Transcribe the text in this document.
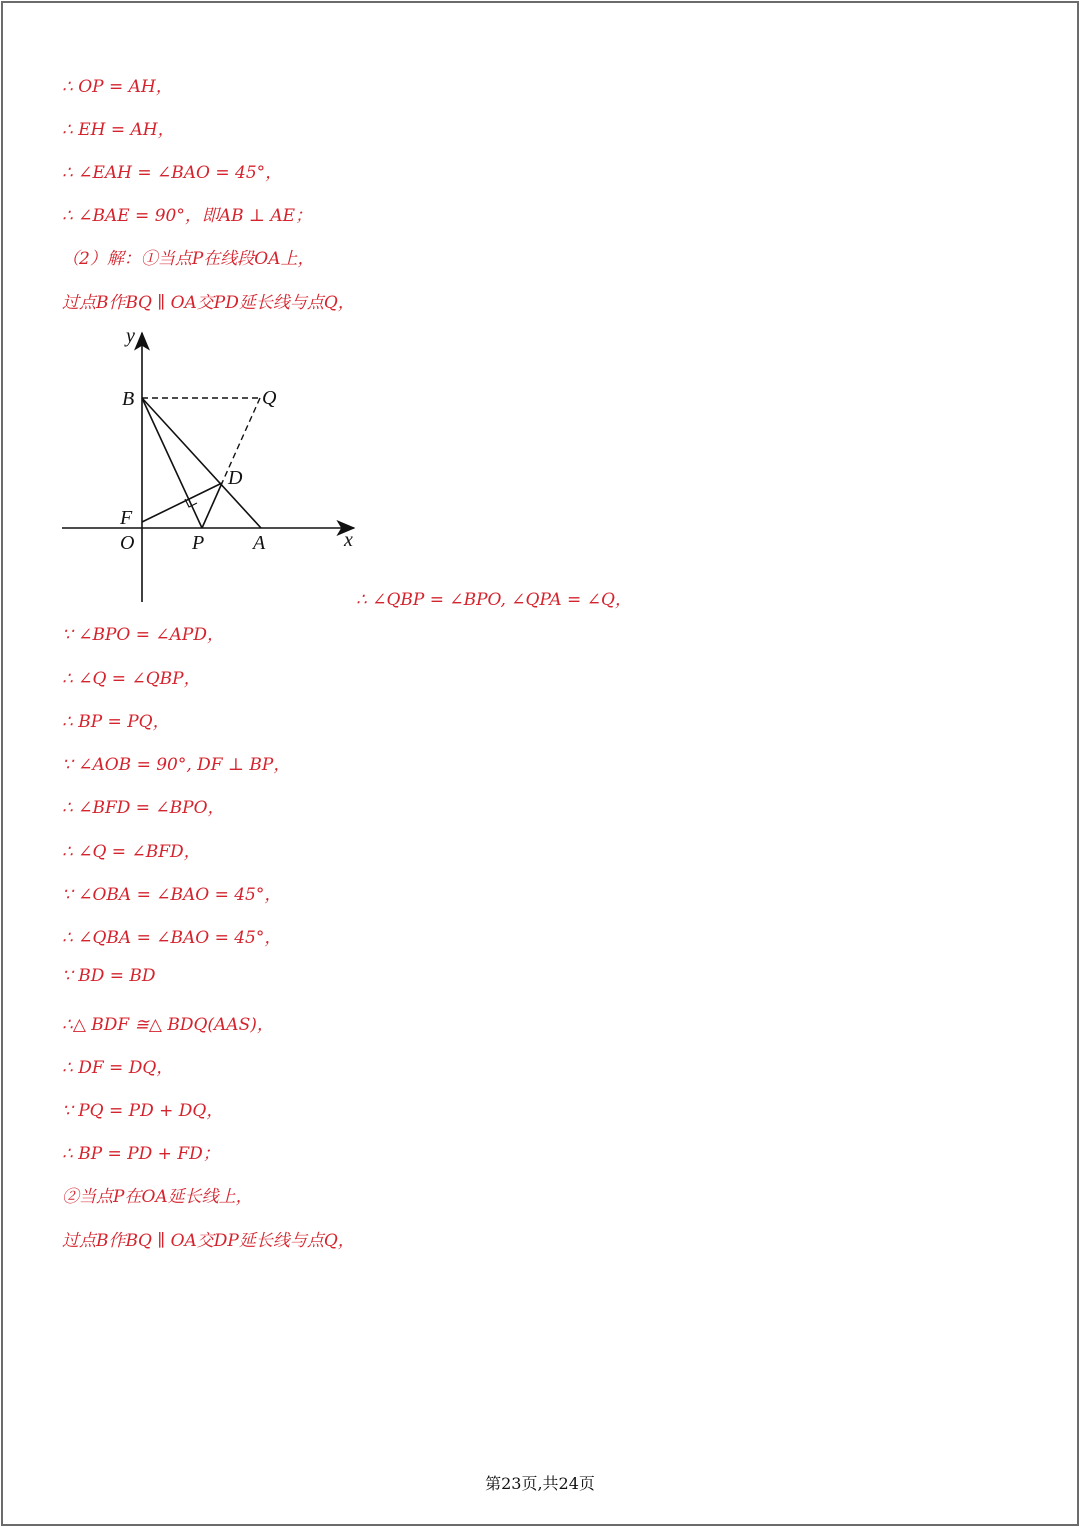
∴ OP = AH，
∴ EH = AH，
∴ ∠EAH = ∠BAO = 45°，
∴ ∠BAE = 90°，即AB ⊥ AE；
（2）解：①当点P在线段OA上，
过点B作BQ ∥ OA交PD延长线与点Q，
y
x
B	Q
D
F
O	P A
∴ ∠QBP = ∠BPO, ∠QPA = ∠Q，
∵ ∠BPO = ∠APD，
∴ ∠Q = ∠QBP，
∴ BP = PQ，
∵ ∠AOB = 90°, DF ⊥ BP，
∴ ∠BFD = ∠BPO，
∴ ∠Q = ∠BFD，
∵ ∠OBA = ∠BAO = 45°，
∴ ∠QBA = ∠BAO = 45°，
∵ BD = BD
∴△ BDF ≅△ BDQ(AAS)，
∴ DF = DQ，
∵ PQ = PD + DQ，
∴ BP = PD + FD；
②当点P在OA延长线上，
过点B作BQ ∥ OA交DP延长线与点Q，
第23页,共24页
